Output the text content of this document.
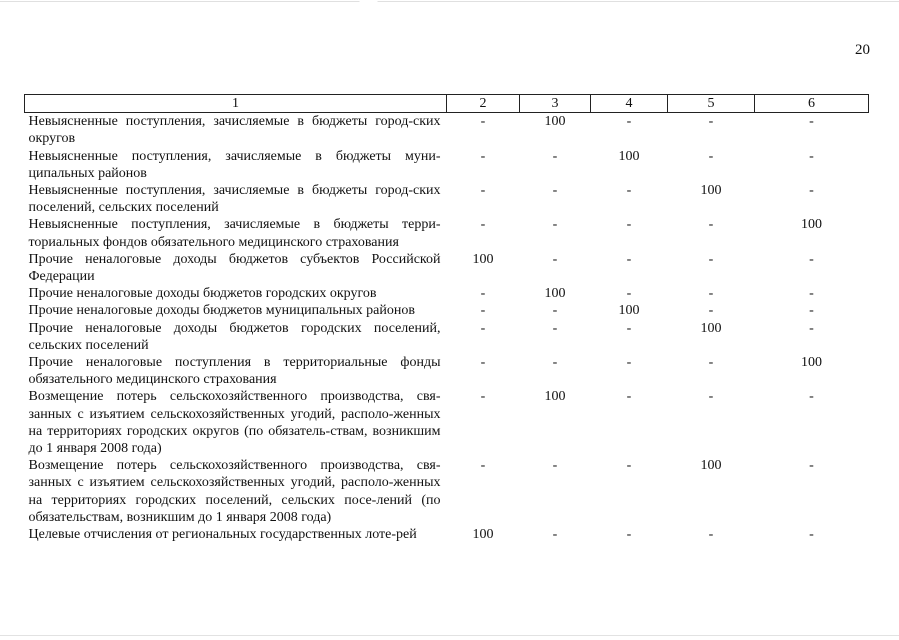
20
1	2	3	4	5	6
Невыясненные поступления, зачисляемые в бюджеты город-ских округов	-	100	-	-	-
Невыясненные поступления, зачисляемые в бюджеты муни-ципальных районов	-	-	100	-	-
Невыясненные поступления, зачисляемые в бюджеты город-ских поселений, сельских поселений	-	-	-	100	-
Невыясненные поступления, зачисляемые в бюджеты терри-ториальных фондов обязательного медицинского страхования	-	-	-	-	100
Прочие неналоговые доходы бюджетов субъектов Российской Федерации	100	-	-	-	-
Прочие неналоговые доходы бюджетов городских округов	-	100	-	-	-
Прочие неналоговые доходы бюджетов муниципальных районов	-	-	100	-	-
Прочие неналоговые доходы бюджетов городских поселений, сельских поселений	-	-	-	100	-
Прочие неналоговые поступления в территориальные фонды обязательного медицинского страхования	-	-	-	-	100
Возмещение потерь сельскохозяйственного производства, свя-занных с изъятием сельскохозяйственных угодий, располо-женных на территориях городских округов (по обязатель-ствам, возникшим до 1 января 2008 года)	-	100	-	-	-
Возмещение потерь сельскохозяйственного производства, свя-занных с изъятием сельскохозяйственных угодий, располо-женных на территориях городских поселений, сельских посе-лений (по обязательствам, возникшим до 1 января 2008 года)	-	-	-	100	-
Целевые отчисления от региональных государственных лоте-рей	100	-	-	-	-
